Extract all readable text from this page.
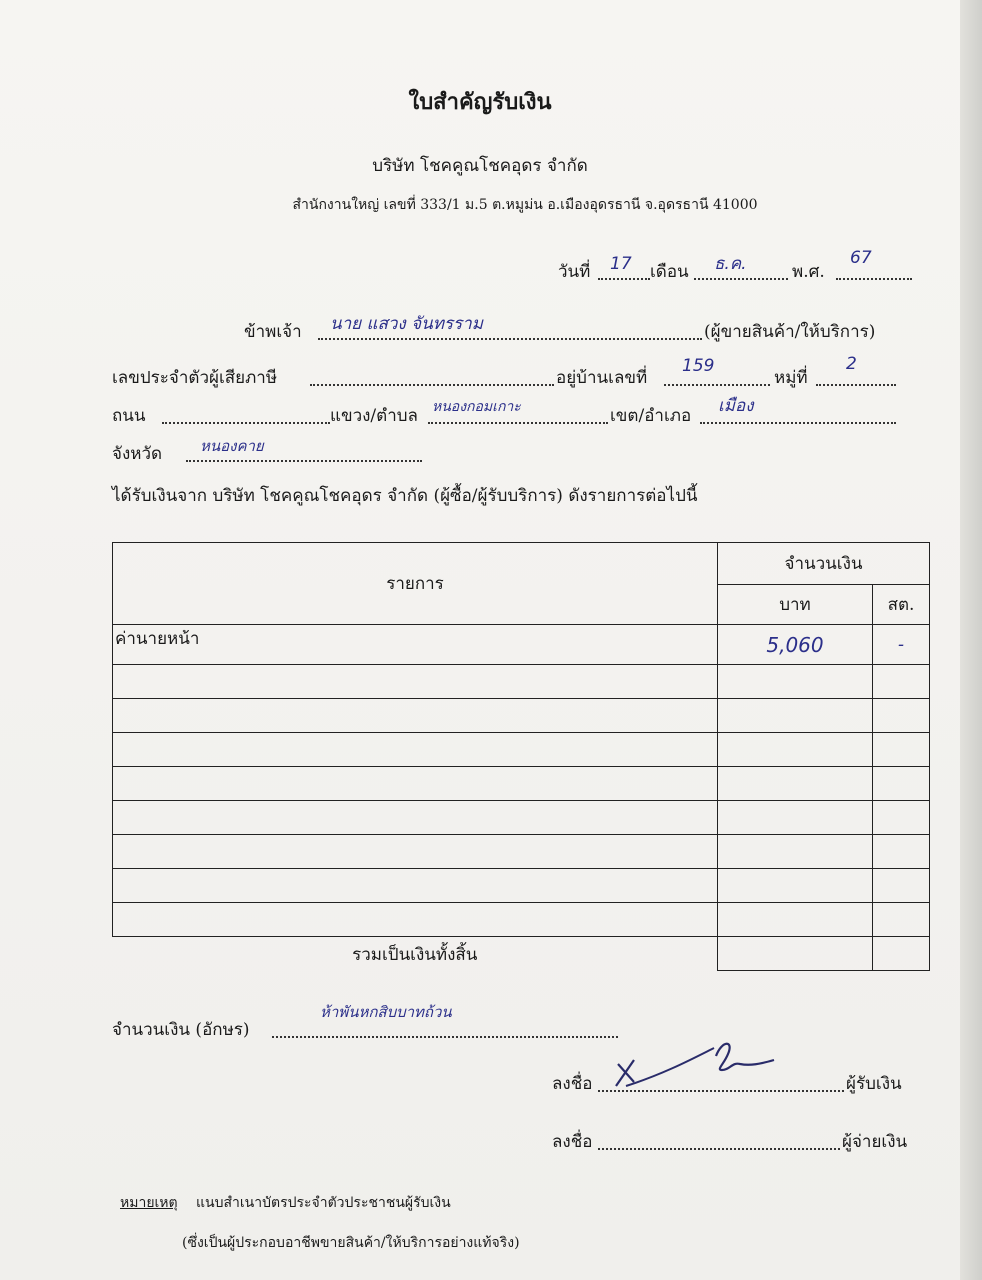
ใบสำคัญรับเงิน
บริษัท โชคคูณโชคอุดร จำกัด
สำนักงานใหญ่ เลขที่ 333/1 ม.5 ต.หมูม่น อ.เมืองอุดรธานี จ.อุดรธานี 41000
วันที่ 17 เดือน ธ.ค.	พ.ศ.
67
ข้าพเจ้า นาย แสวง จันทรราม	(ผู้ขายสินค้า/ให้บริการ)
เลขประจำตัวผู้เสียภาษี	อยู่บ้านเลขที่
159
หมู่ที่
2
ถนน	แขวง/ตำบล หนองกอมเกาะ	เขต/อำเภอ เมือง
จังหวัด	หนองคาย
ได้รับเงินจาก บริษัท โชคคูณโชคอุดร จำกัด (ผู้ซื้อ/ผู้รับบริการ) ดังรายการต่อไปนี้
รายการ	จำนวนเงิน	
	บาท	สต.
ค่านายหน้า	5,060	-

รวมเป็นเงินทั้งสิ้น		
จำนวนเงิน (อักษร)
ห้าพันหกสิบบาทถ้วน
ลงชื่อ	ผู้รับเงิน
ลงชื่อ	ผู้จ่ายเงิน
หมายเหตุ แนบสำเนาบัตรประจำตัวประชาชนผู้รับเงิน
(ซึ่งเป็นผู้ประกอบอาชีพขายสินค้า/ให้บริการอย่างแท้จริง)
